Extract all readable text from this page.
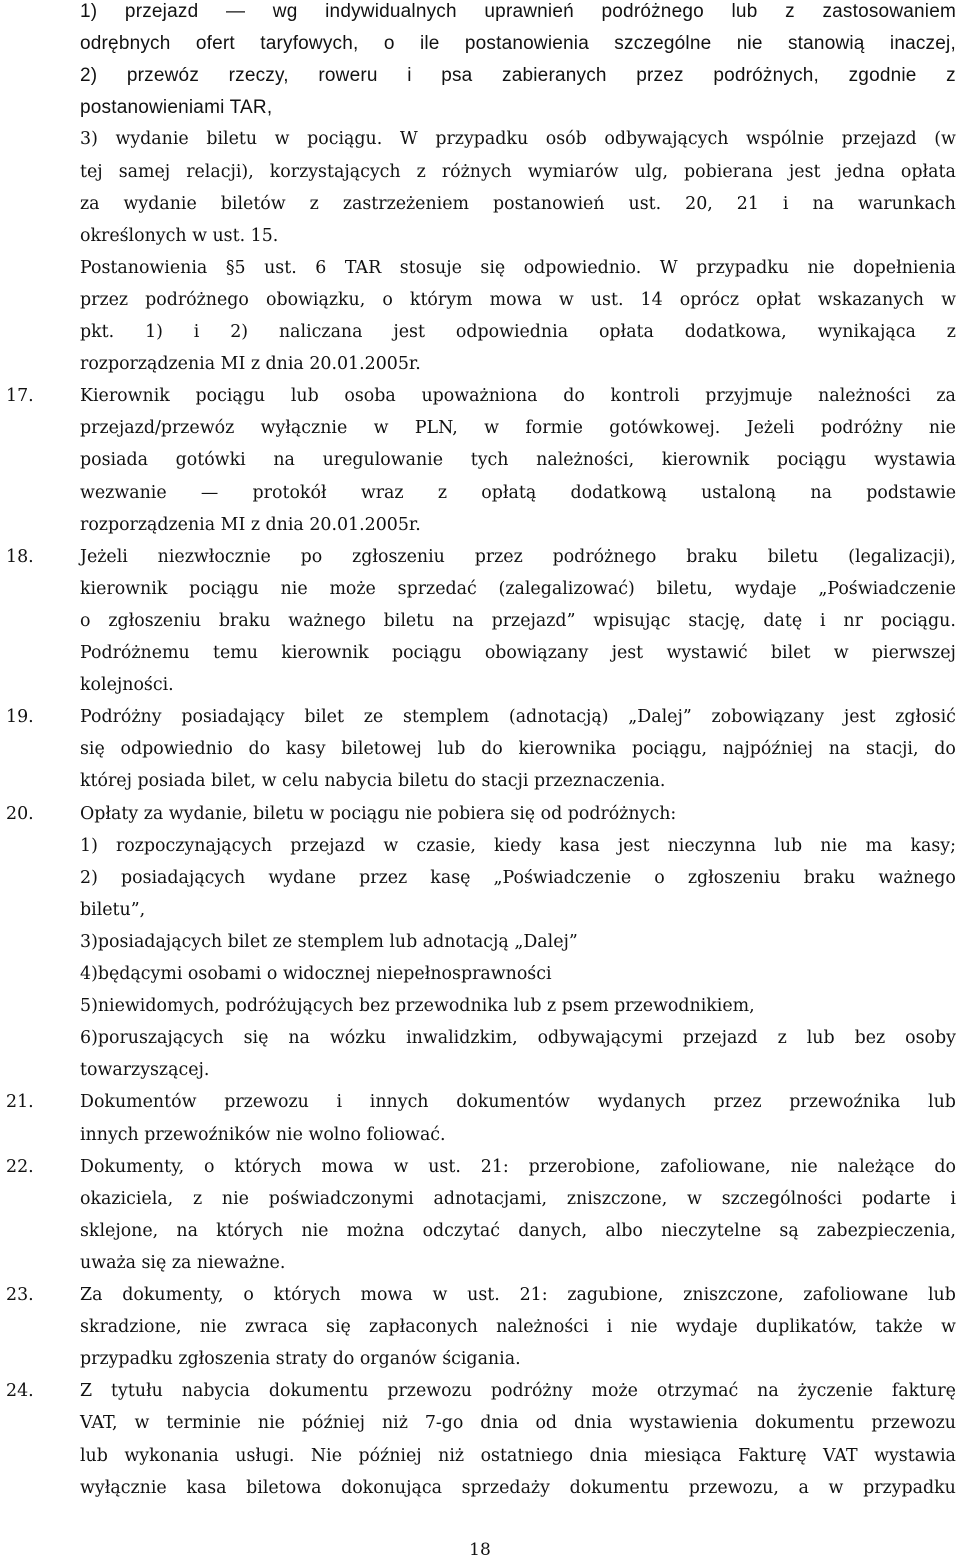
1) przejazd — wg indywidualnych uprawnień podróżnego lub z zastosowaniem
odrębnych ofert taryfowych, o ile postanowienia szczególne nie stanowią inaczej,
2) przewóz rzeczy, roweru i psa zabieranych przez podróżnych, zgodnie z
postanowieniami TAR,
3) wydanie biletu w pociągu. W przypadku osób odbywających wspólnie przejazd (w
tej samej relacji), korzystających z różnych wymiarów ulg, pobierana jest jedna opłata
za wydanie biletów z zastrzeżeniem postanowień ust. 20, 21 i na warunkach
określonych w ust. 15.
Postanowienia §5 ust. 6 TAR stosuje się odpowiednio. W przypadku nie dopełnienia
przez podróżnego obowiązku, o którym mowa w ust. 14 oprócz opłat wskazanych w
pkt. 1) i 2) naliczana jest odpowiednia opłata dodatkowa, wynikająca z
rozporządzenia MI z dnia 20.01.2005r.
17.	Kierownik pociągu lub osoba upoważniona do kontroli przyjmuje należności za
przejazd/przewóz wyłącznie w PLN, w formie gotówkowej. Jeżeli podróżny nie
posiada gotówki na uregulowanie tych należności, kierownik pociągu wystawia
wezwanie — protokół wraz z opłatą dodatkową ustaloną na podstawie
rozporządzenia MI z dnia 20.01.2005r.
18.	Jeżeli niezwłocznie po zgłoszeniu przez podróżnego braku biletu (legalizacji),
kierownik pociągu nie może sprzedać (zalegalizować) biletu, wydaje „Poświadczenie
o zgłoszeniu braku ważnego biletu na przejazd” wpisując stację, datę i nr pociągu.
Podróżnemu temu kierownik pociągu obowiązany jest wystawić bilet w pierwszej
kolejności.
19.	Podróżny posiadający bilet ze stemplem (adnotacją) „Dalej” zobowiązany jest zgłosić
się odpowiednio do kasy biletowej lub do kierownika pociągu, najpóźniej na stacji, do
której posiada bilet, w celu nabycia biletu do stacji przeznaczenia.
20.	Opłaty za wydanie, biletu w pociągu nie pobiera się od podróżnych:
1) rozpoczynających przejazd w czasie, kiedy kasa jest nieczynna lub nie ma kasy;
2) posiadających wydane przez kasę „Poświadczenie o zgłoszeniu braku ważnego
biletu”,
3)posiadających bilet ze stemplem lub adnotacją „Dalej”
4)będącymi osobami o widocznej niepełnosprawności
5)niewidomych, podróżujących bez przewodnika lub z psem przewodnikiem,
6)poruszających się na wózku inwalidzkim, odbywającymi przejazd z lub bez osoby
towarzyszącej.
21.	Dokumentów przewozu i innych dokumentów wydanych przez przewoźnika lub
innych przewoźników nie wolno foliować.
22.	Dokumenty, o których mowa w ust. 21: przerobione, zafoliowane, nie należące do
okaziciela, z nie poświadczonymi adnotacjami, zniszczone, w szczególności podarte i
sklejone, na których nie można odczytać danych, albo nieczytelne są zabezpieczenia,
uważa się za nieważne.
23.	Za dokumenty, o których mowa w ust. 21: zagubione, zniszczone, zafoliowane lub
skradzione, nie zwraca się zapłaconych należności i nie wydaje duplikatów, także w
przypadku zgłoszenia straty do organów ścigania.
24.	Z tytułu nabycia dokumentu przewozu podróżny może otrzymać na życzenie fakturę
VAT, w terminie nie później niż 7-go dnia od dnia wystawienia dokumentu przewozu
lub wykonania usługi. Nie później niż ostatniego dnia miesiąca Fakturę VAT wystawia
wyłącznie kasa biletowa dokonująca sprzedaży dokumentu przewozu, a w przypadku
18
